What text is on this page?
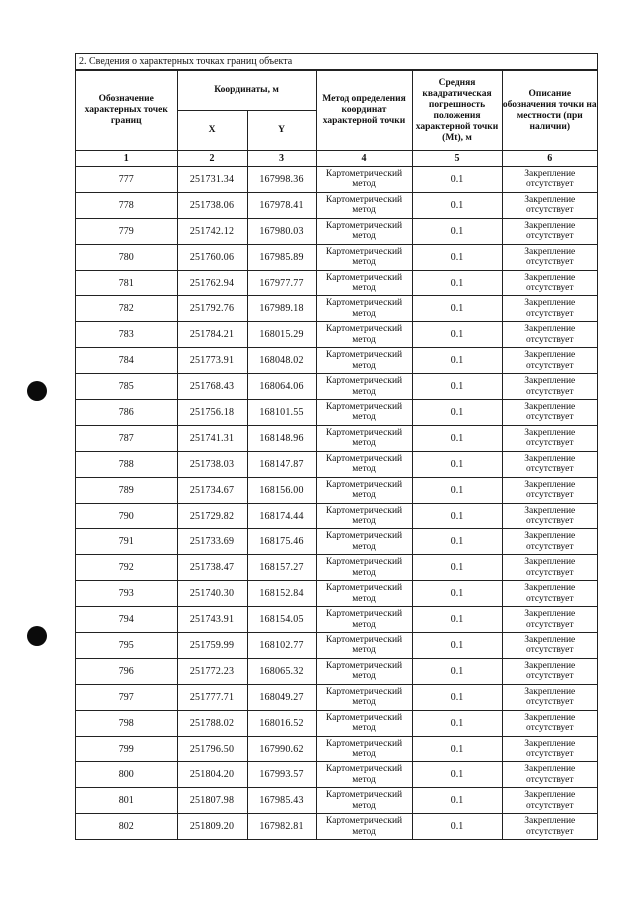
2. Сведения о характерных точках границ объекта
Обозначение характерных точек границ	Координаты, м		Метод определения координат характерной точки	Средняя квадратическая погрешность положения характерной точки (Mt), м	Описание обозначения точки на местности (при наличии)
	X	Y			
1	2	3	4	5	6
777	251731.34	167998.36	Картометрический метод	0.1	Закрепление отсутствует
778	251738.06	167978.41	Картометрический метод	0.1	Закрепление отсутствует
779	251742.12	167980.03	Картометрический метод	0.1	Закрепление отсутствует
780	251760.06	167985.89	Картометрический метод	0.1	Закрепление отсутствует
781	251762.94	167977.77	Картометрический метод	0.1	Закрепление отсутствует
782	251792.76	167989.18	Картометрический метод	0.1	Закрепление отсутствует
783	251784.21	168015.29	Картометрический метод	0.1	Закрепление отсутствует
784	251773.91	168048.02	Картометрический метод	0.1	Закрепление отсутствует
785	251768.43	168064.06	Картометрический метод	0.1	Закрепление отсутствует
786	251756.18	168101.55	Картометрический метод	0.1	Закрепление отсутствует
787	251741.31	168148.96	Картометрический метод	0.1	Закрепление отсутствует
788	251738.03	168147.87	Картометрический метод	0.1	Закрепление отсутствует
789	251734.67	168156.00	Картометрический метод	0.1	Закрепление отсутствует
790	251729.82	168174.44	Картометрический метод	0.1	Закрепление отсутствует
791	251733.69	168175.46	Картометрический метод	0.1	Закрепление отсутствует
792	251738.47	168157.27	Картометрический метод	0.1	Закрепление отсутствует
793	251740.30	168152.84	Картометрический метод	0.1	Закрепление отсутствует
794	251743.91	168154.05	Картометрический метод	0.1	Закрепление отсутствует
795	251759.99	168102.77	Картометрический метод	0.1	Закрепление отсутствует
796	251772.23	168065.32	Картометрический метод	0.1	Закрепление отсутствует
797	251777.71	168049.27	Картометрический метод	0.1	Закрепление отсутствует
798	251788.02	168016.52	Картометрический метод	0.1	Закрепление отсутствует
799	251796.50	167990.62	Картометрический метод	0.1	Закрепление отсутствует
800	251804.20	167993.57	Картометрический метод	0.1	Закрепление отсутствует
801	251807.98	167985.43	Картометрический метод	0.1	Закрепление отсутствует
802	251809.20	167982.81	Картометрический метод	0.1	Закрепление отсутствует
